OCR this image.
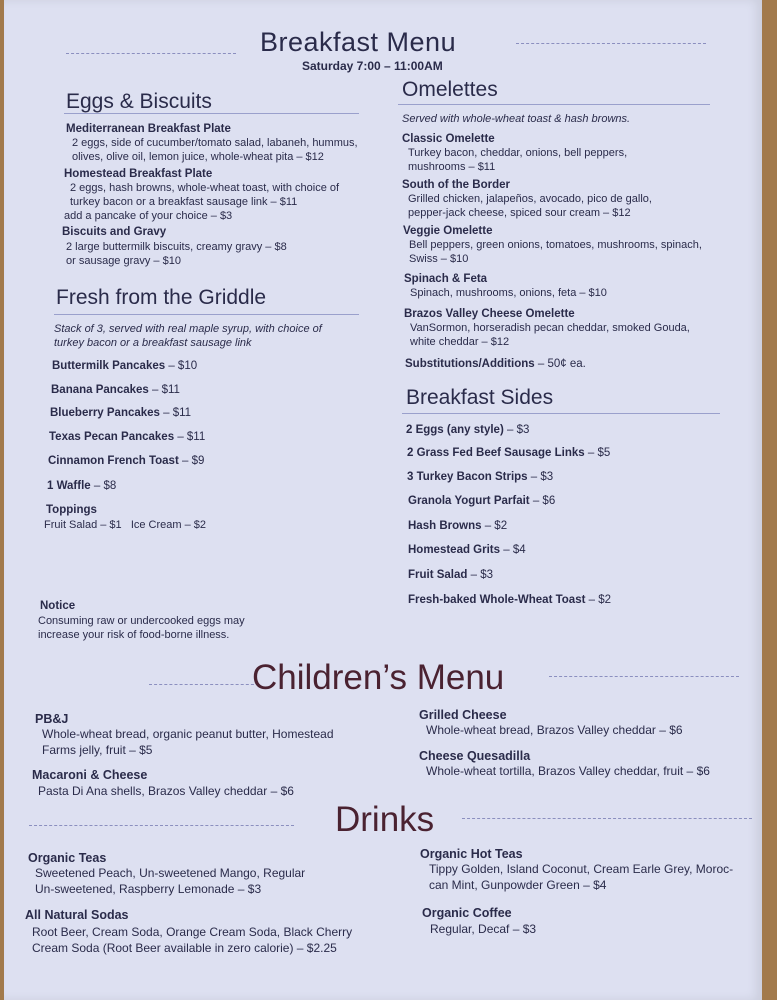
Breakfast Menu
Saturday 7:00 – 11:00AM
Eggs & Biscuits
Mediterranean Breakfast Plate
2 eggs, side of cucumber/tomato salad, labaneh, hummus,
olives, olive oil, lemon juice, whole-wheat pita – $12
Homestead Breakfast Plate
2 eggs, hash browns, whole-wheat toast, with choice of
turkey bacon or a breakfast sausage link – $11
add a pancake of your choice – $3
Biscuits and Gravy
2 large buttermilk biscuits, creamy gravy – $8
or sausage gravy – $10
Fresh from the Griddle
Stack of 3, served with real maple syrup, with choice of
turkey bacon or a breakfast sausage link
Buttermilk Pancakes – $10
Banana Pancakes – $11
Blueberry Pancakes – $11
Texas Pecan Pancakes – $11
Cinnamon French Toast – $9
1 Waffle – $8
Toppings
Fruit Salad – $1   Ice Cream – $2
Notice
Consuming raw or undercooked eggs may
increase your risk of food-borne illness.
Omelettes
Served with whole-wheat toast & hash browns.
Classic Omelette
Turkey bacon, cheddar, onions, bell peppers,
mushrooms – $11
South of the Border
Grilled chicken, jalapeños, avocado, pico de gallo,
pepper-jack cheese, spiced sour cream – $12
Veggie Omelette
Bell peppers, green onions, tomatoes, mushrooms, spinach,
Swiss – $10
Spinach & Feta
Spinach, mushrooms, onions, feta – $10
Brazos Valley Cheese Omelette
VanSormon, horseradish pecan cheddar, smoked Gouda,
white cheddar – $12
Substitutions/Additions – 50¢ ea.
Breakfast Sides
2 Eggs (any style) – $3
2 Grass Fed Beef Sausage Links – $5
3 Turkey Bacon Strips – $3
Granola Yogurt Parfait – $6
Hash Browns – $2
Homestead Grits – $4
Fruit Salad – $3
Fresh-baked Whole-Wheat Toast – $2
Children’s Menu
PB&J
Whole-wheat bread, organic peanut butter, Homestead
Farms jelly, fruit – $5
Macaroni & Cheese
Pasta Di Ana shells, Brazos Valley cheddar – $6
Grilled Cheese
Whole-wheat bread, Brazos Valley cheddar – $6
Cheese Quesadilla
Whole-wheat tortilla, Brazos Valley cheddar, fruit – $6
Drinks
Organic Teas
Sweetened Peach, Un-sweetened Mango, Regular
Un-sweetened, Raspberry Lemonade – $3
All Natural Sodas
Root Beer, Cream Soda, Orange Cream Soda, Black Cherry
Cream Soda (Root Beer available in zero calorie) – $2.25
Organic Hot Teas
Tippy Golden, Island Coconut, Cream Earle Grey, Moroc-
can Mint, Gunpowder Green – $4
Organic Coffee
Regular, Decaf – $3
